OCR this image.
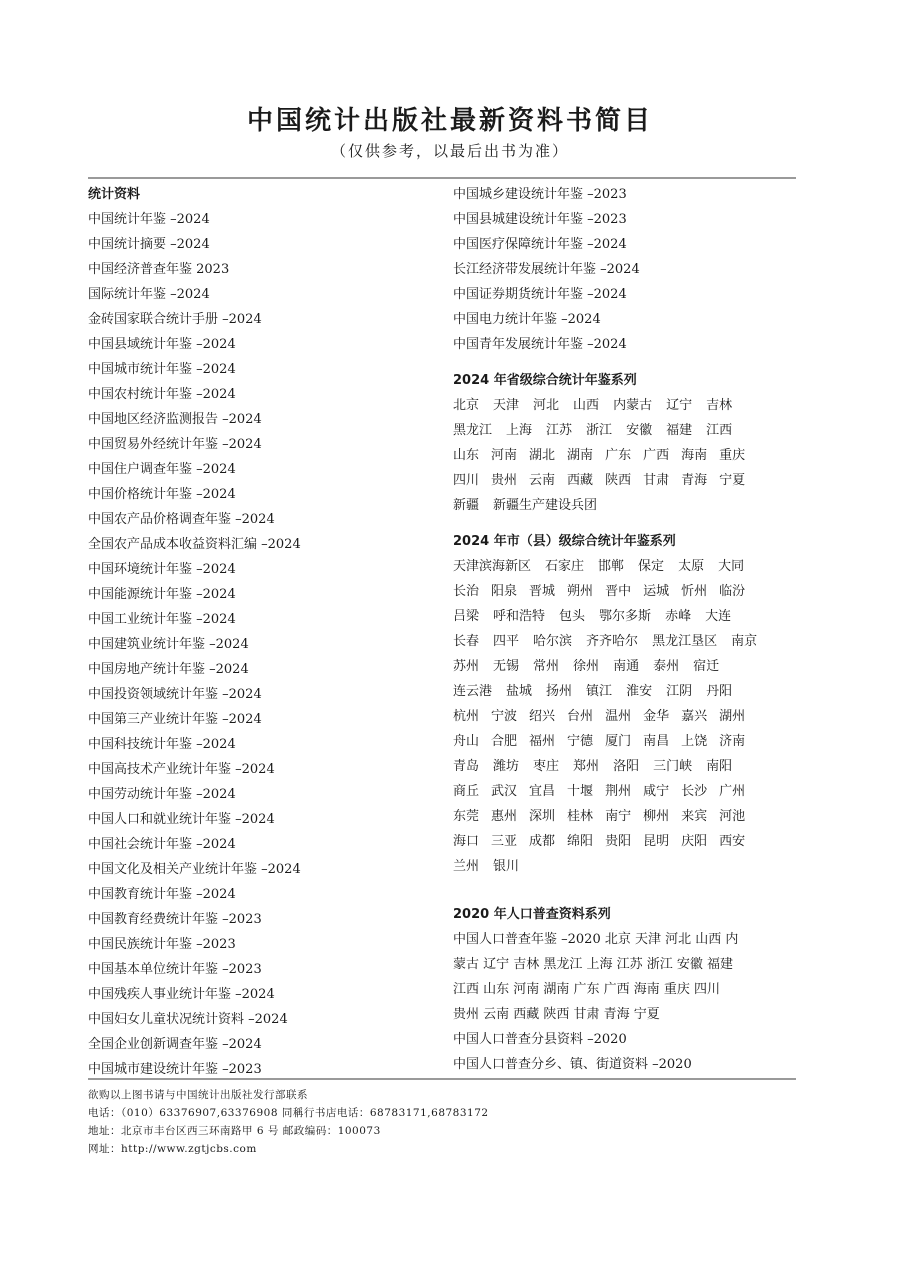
中国统计出版社最新资料书简目
（仅供参考，以最后出书为准）
统计资料
中国统计年鉴 –2024
中国统计摘要 –2024
中国经济普查年鉴 2023
国际统计年鉴 –2024
金砖国家联合统计手册 –2024
中国县域统计年鉴 –2024
中国城市统计年鉴 –2024
中国农村统计年鉴 –2024
中国地区经济监测报告 –2024
中国贸易外经统计年鉴 –2024
中国住户调查年鉴 –2024
中国价格统计年鉴 –2024
中国农产品价格调查年鉴 –2024
全国农产品成本收益资料汇编 –2024
中国环境统计年鉴 –2024
中国能源统计年鉴 –2024
中国工业统计年鉴 –2024
中国建筑业统计年鉴 –2024
中国房地产统计年鉴 –2024
中国投资领域统计年鉴 –2024
中国第三产业统计年鉴 –2024
中国科技统计年鉴 –2024
中国高技术产业统计年鉴 –2024
中国劳动统计年鉴 –2024
中国人口和就业统计年鉴 –2024
中国社会统计年鉴 –2024
中国文化及相关产业统计年鉴 –2024
中国教育统计年鉴 –2024
中国教育经费统计年鉴 –2023
中国民族统计年鉴 –2023
中国基本单位统计年鉴 –2023
中国残疾人事业统计年鉴 –2024
中国妇女儿童状况统计资料 –2024
全国企业创新调查年鉴 –2024
中国城市建设统计年鉴 –2023
中国城乡建设统计年鉴 –2023
中国县城建设统计年鉴 –2023
中国医疗保障统计年鉴 –2024
长江经济带发展统计年鉴 –2024
中国证券期货统计年鉴 –2024
中国电力统计年鉴 –2024
中国青年发展统计年鉴 –2024
2024 年省级综合统计年鉴系列
北京 天津 河北 山西 内蒙古 辽宁 吉林
黑龙江 上海 江苏 浙江 安徽 福建 江西
山东 河南 湖北 湖南 广东 广西 海南 重庆
四川 贵州 云南 西藏 陕西 甘肃 青海 宁夏
新疆 新疆生产建设兵团
2024 年市（县）级综合统计年鉴系列
天津滨海新区 石家庄 邯郸 保定 太原 大同
长治 阳泉 晋城 朔州 晋中 运城 忻州 临汾
吕梁 呼和浩特 包头 鄂尔多斯 赤峰 大连
长春 四平 哈尔滨 齐齐哈尔 黑龙江垦区 南京
苏州 无锡 常州 徐州 南通 泰州 宿迁
连云港 盐城 扬州 镇江 淮安 江阴 丹阳
杭州 宁波 绍兴 台州 温州 金华 嘉兴 湖州
舟山 合肥 福州 宁德 厦门 南昌 上饶 济南
青岛 潍坊 枣庄 郑州 洛阳 三门峡 南阳
商丘 武汉 宜昌 十堰 荆州 咸宁 长沙 广州
东莞 惠州 深圳 桂林 南宁 柳州 来宾 河池
海口 三亚 成都 绵阳 贵阳 昆明 庆阳 西安
兰州 银川
2020 年人口普查资料系列
中国人口普查年鉴 –2020 北京 天津 河北 山西 内
蒙古 辽宁 吉林 黑龙江 上海 江苏 浙江 安徽 福建
江西 山东 河南 湖南 广东 广西 海南 重庆 四川
贵州 云南 西藏 陕西 甘肃 青海 宁夏
中国人口普查分县资料 –2020
中国人口普查分乡、镇、街道资料 –2020
欲购以上图书请与中国统计出版社发行部联系
电话：（010）63376907,63376908 同稱行书店电话：68783171,68783172
地址：北京市丰台区西三环南路甲 6 号 邮政编码：100073
网址：http://www.zgtjcbs.com
